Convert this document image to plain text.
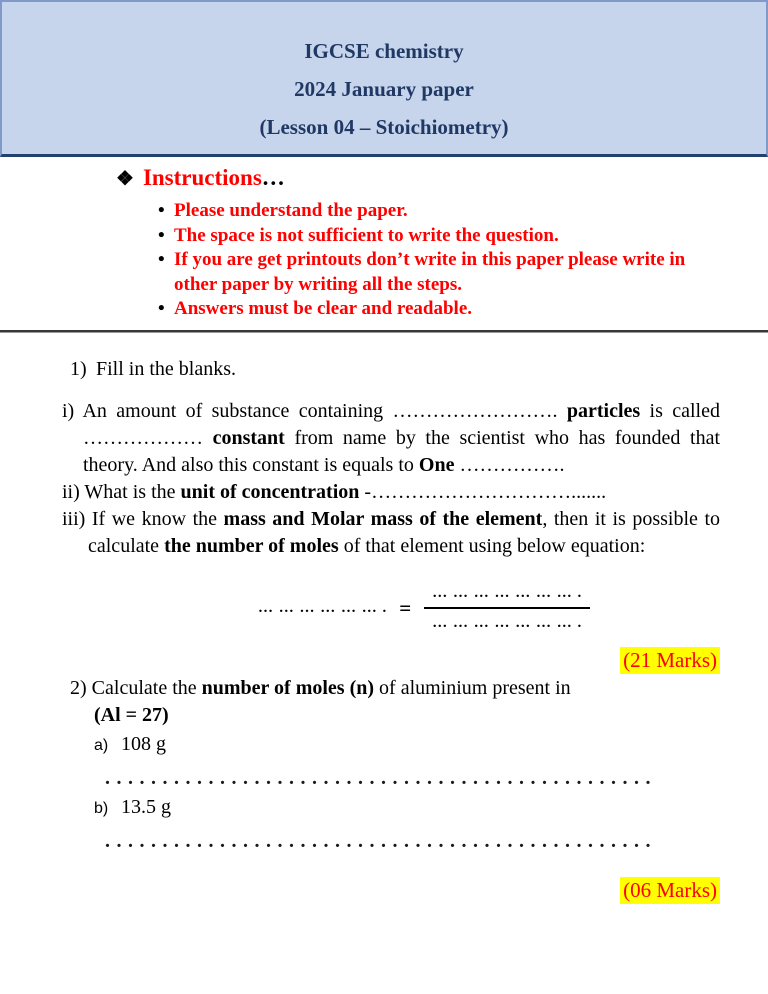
IGCSE chemistry
2024 January paper
(Lesson 04 – Stoichiometry)
❖ Instructions…
• Please understand the paper.
• The space is not sufficient to write the question.
• If you are get printouts don’t write in this paper please write in other paper by writing all the steps.
• Answers must be clear and readable.

1) Fill in the blanks.

i) An amount of substance containing ……………………. particles is called ……………… constant from name by the scientist who has founded that theory. And also this constant is equals to One …………….

ii) What is the unit of concentration -………………………….......

iii) If we know the mass and Molar mass of the element, then it is possible to calculate the number of moles of that element using below equation:

… … … … … … . = $\frac{\dots \dots \dots \dots \dots \dots \dots .}{\dots \dots \dots \dots \dots \dots \dots .}$
(21 Marks)

2) Calculate the number of moles (n) of aluminium present in
(Al = 27)

a) 108 g
................................................
b) 13.5 g
................................................
(06 Marks)
